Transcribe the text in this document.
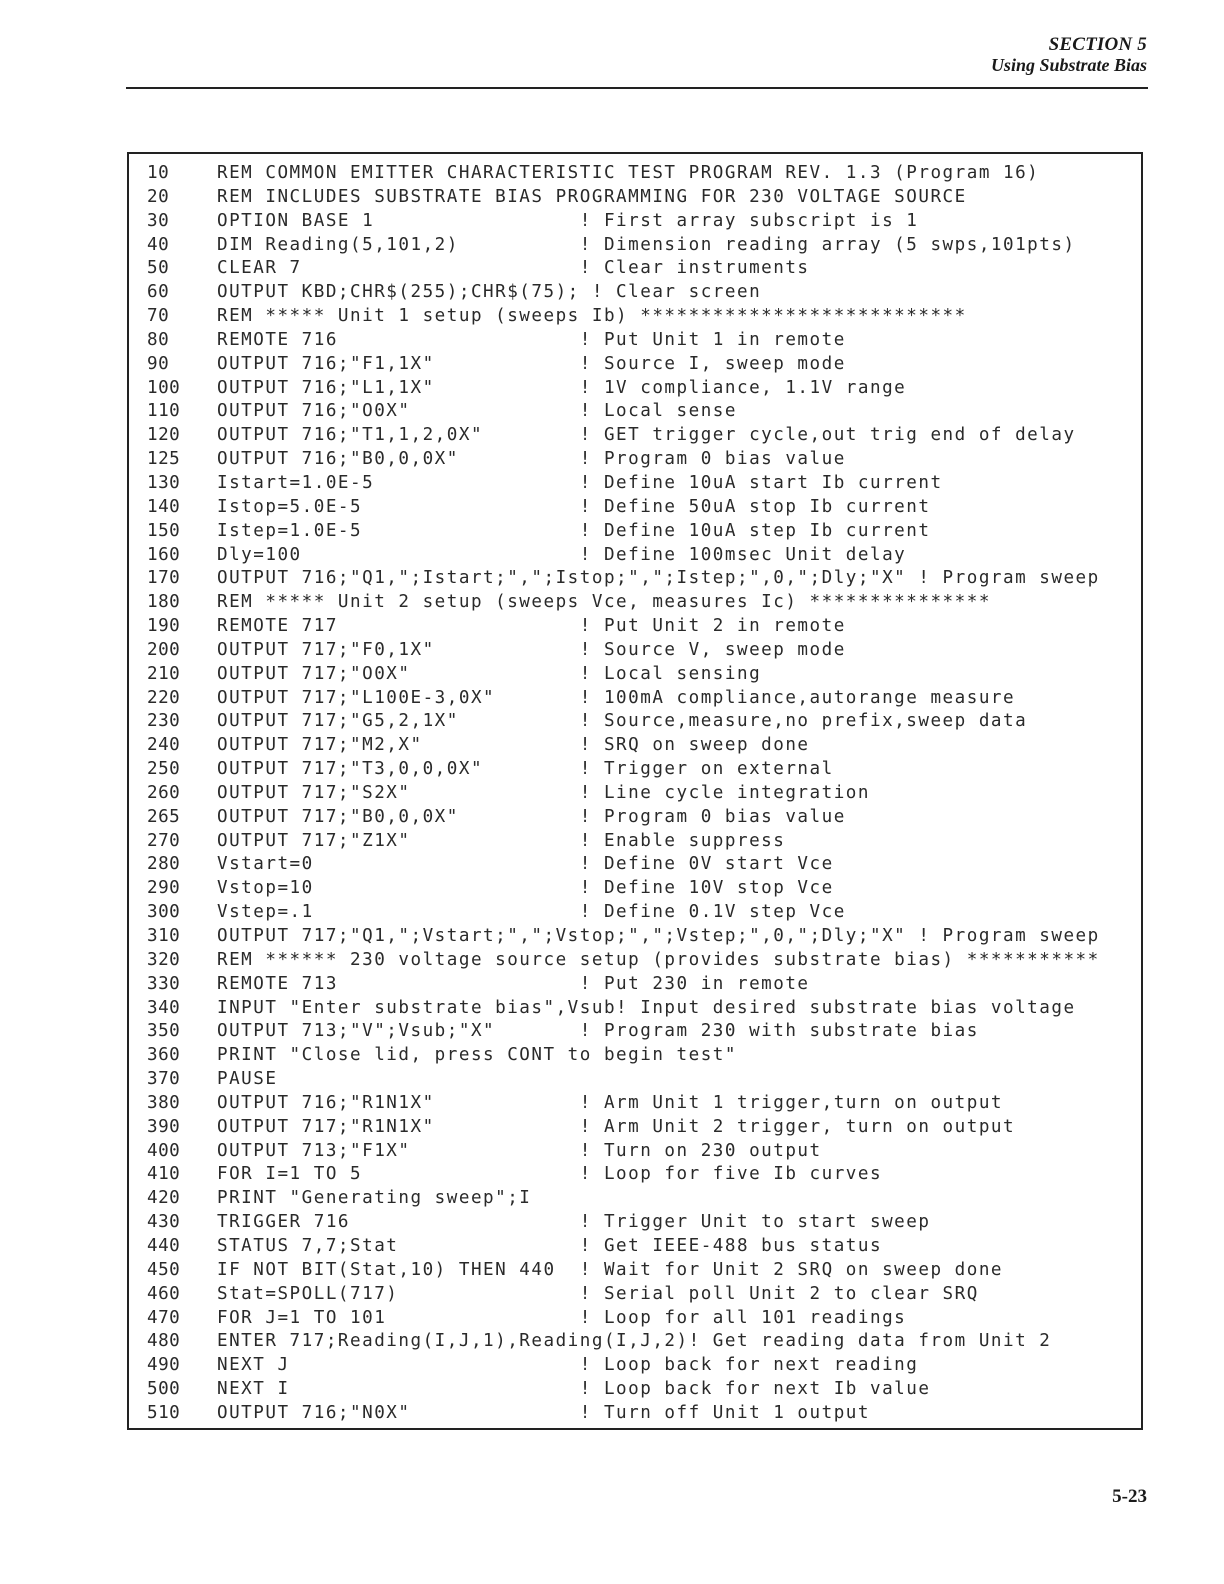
SECTION 5
Using Substrate Bias
10	REM COMMON EMITTER CHARACTERISTIC TEST PROGRAM REV. 1.3 (Program 16)
20	REM INCLUDES SUBSTRATE BIAS PROGRAMMING FOR 230 VOLTAGE SOURCE
30	OPTION BASE 1                 ! First array subscript is 1
40	DIM Reading(5,101,2)          ! Dimension reading array (5 swps,101pts)
50	CLEAR 7                       ! Clear instruments
60	OUTPUT KBD;CHR$(255);CHR$(75); ! Clear screen
70	REM ***** Unit 1 setup (sweeps Ib) ***************************
80	REMOTE 716                    ! Put Unit 1 in remote
90	OUTPUT 716;"F1,1X"            ! Source I, sweep mode
100 OUTPUT 716;"L1,1X"            ! 1V compliance, 1.1V range
110 OUTPUT 716;"O0X"              ! Local sense
120 OUTPUT 716;"T1,1,2,0X"        ! GET trigger cycle,out trig end of delay
125 OUTPUT 716;"B0,0,0X"          ! Program 0 bias value
130 Istart=1.0E-5                 ! Define 10uA start Ib current
140 Istop=5.0E-5                  ! Define 50uA stop Ib current
150 Istep=1.0E-5                  ! Define 10uA step Ib current
160 Dly=100                       ! Define 100msec Unit delay
170 OUTPUT 716;"Q1,";Istart;",";Istop;",";Istep;",0,";Dly;"X" ! Program sweep
180 REM ***** Unit 2 setup (sweeps Vce, measures Ic) ***************
190 REMOTE 717                    ! Put Unit 2 in remote
200 OUTPUT 717;"F0,1X"            ! Source V, sweep mode
210 OUTPUT 717;"O0X"              ! Local sensing
220 OUTPUT 717;"L100E-3,0X"       ! 100mA compliance,autorange measure
230 OUTPUT 717;"G5,2,1X"          ! Source,measure,no prefix,sweep data
240 OUTPUT 717;"M2,X"             ! SRQ on sweep done
250 OUTPUT 717;"T3,0,0,0X"        ! Trigger on external
260 OUTPUT 717;"S2X"              ! Line cycle integration
265 OUTPUT 717;"B0,0,0X"          ! Program 0 bias value
270 OUTPUT 717;"Z1X"              ! Enable suppress
280 Vstart=0                      ! Define 0V start Vce
290 Vstop=10                      ! Define 10V stop Vce
300 Vstep=.1                      ! Define 0.1V step Vce
310 OUTPUT 717;"Q1,";Vstart;",";Vstop;",";Vstep;",0,";Dly;"X" ! Program sweep
320 REM ****** 230 voltage source setup (provides substrate bias) ***********
330 REMOTE 713                    ! Put 230 in remote
340 INPUT "Enter substrate bias",Vsub! Input desired substrate bias voltage
350 OUTPUT 713;"V";Vsub;"X"       ! Program 230 with substrate bias
360 PRINT "Close lid, press CONT to begin test"
370 PAUSE
380 OUTPUT 716;"R1N1X"            ! Arm Unit 1 trigger,turn on output
390 OUTPUT 717;"R1N1X"            ! Arm Unit 2 trigger, turn on output
400 OUTPUT 713;"F1X"              ! Turn on 230 output
410 FOR I=1 TO 5                  ! Loop for five Ib curves
420 PRINT "Generating sweep";I
430 TRIGGER 716                   ! Trigger Unit to start sweep
440 STATUS 7,7;Stat               ! Get IEEE-488 bus status
450 IF NOT BIT(Stat,10) THEN 440  ! Wait for Unit 2 SRQ on sweep done
460 Stat=SPOLL(717)               ! Serial poll Unit 2 to clear SRQ
470 FOR J=1 TO 101                ! Loop for all 101 readings
480 ENTER 717;Reading(I,J,1),Reading(I,J,2)! Get reading data from Unit 2
490 NEXT J                        ! Loop back for next reading
500 NEXT I                        ! Loop back for next Ib value
510 OUTPUT 716;"N0X"              ! Turn off Unit 1 output
5-23
